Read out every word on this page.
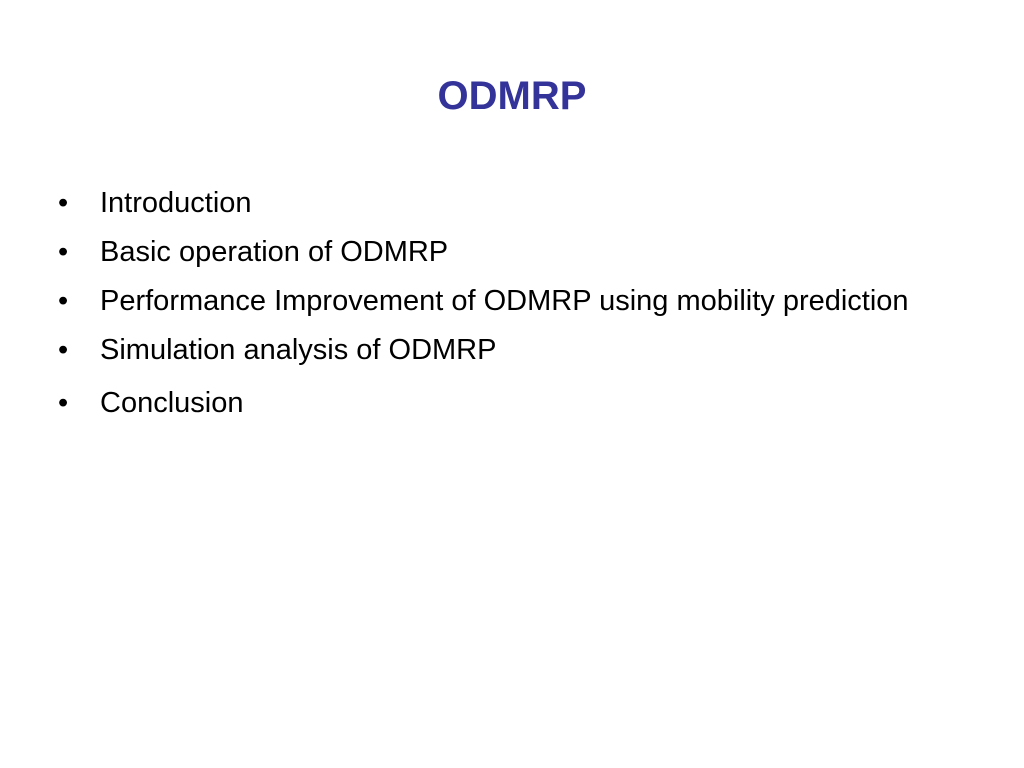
ODMRP
•	Introduction
•	Basic operation of ODMRP
•	Performance Improvement of ODMRP using mobility prediction
•	Simulation analysis of ODMRP
•	Conclusion
